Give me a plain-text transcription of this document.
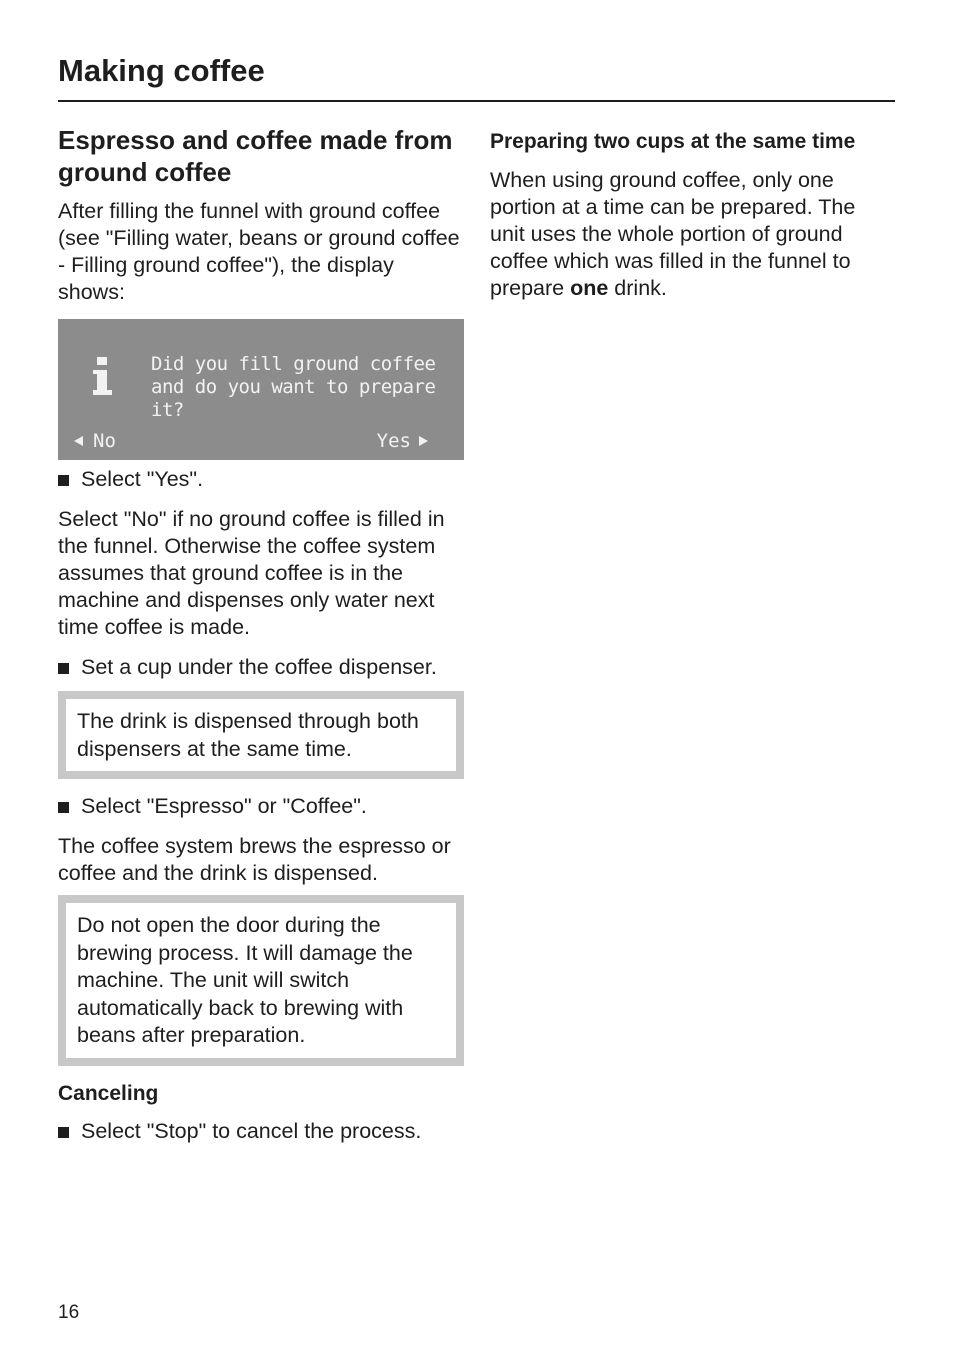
Making coffee
Espresso and coffee made from ground coffee

After filling the funnel with ground coffee (see "Filling water, beans or ground coffee - Filling ground coffee"), the display shows:

Did you fill ground coffee and do you want to prepare it?
No	Yes
Select "Yes".

Select "No" if no ground coffee is filled in the funnel. Otherwise the coffee system assumes that ground coffee is in the machine and dispenses only water next time coffee is made.

Set a cup under the coffee dispenser.
The drink is dispensed through both dispensers at the same time.
Select "Espresso" or "Coffee".

The coffee system brews the espresso or coffee and the drink is dispensed.

Do not open the door during the brewing process. It will damage the machine. The unit will switch automatically back to brewing with beans after preparation.
Canceling
Select "Stop" to cancel the process.
Preparing two cups at the same time

When using ground coffee, only one portion at a time can be prepared. The unit uses the whole portion of ground coffee which was filled in the funnel to prepare one drink.

16
